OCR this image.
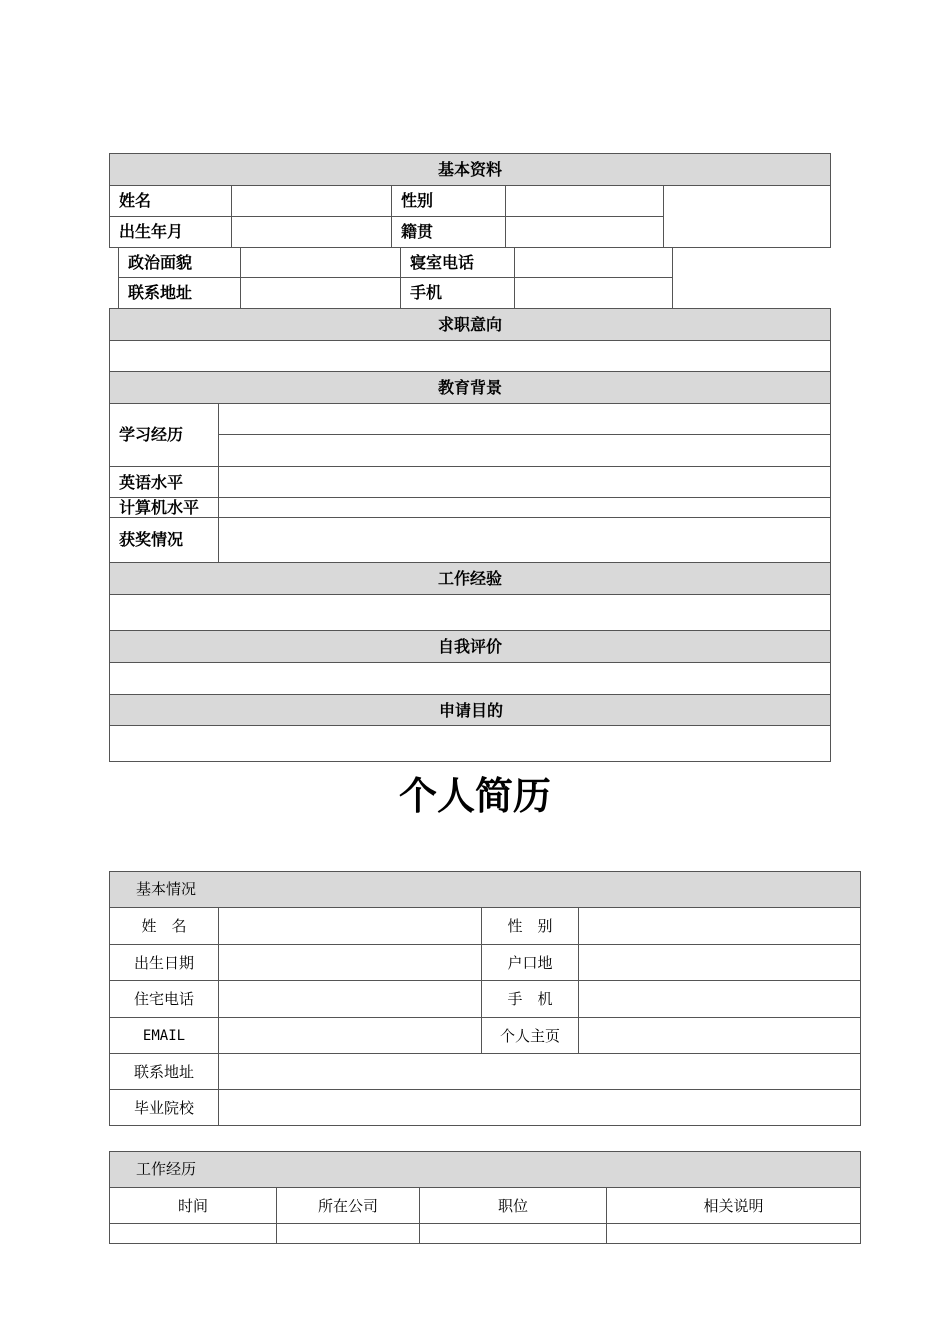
基本资料
姓名	性别
出生年月	籍贯
政治面貌	寝室电话
联系地址	手机
求职意向
教育背景
学习经历
英语水平
计算机水平
获奖情况
工作经验
自我评价
申请目的
个人简历
基本情况
姓　名	性　别
出生日期	户口地
住宅电话	手　机
EMAIL	个人主页
联系地址
毕业院校
工作经历
时间	所在公司	职位	相关说明
